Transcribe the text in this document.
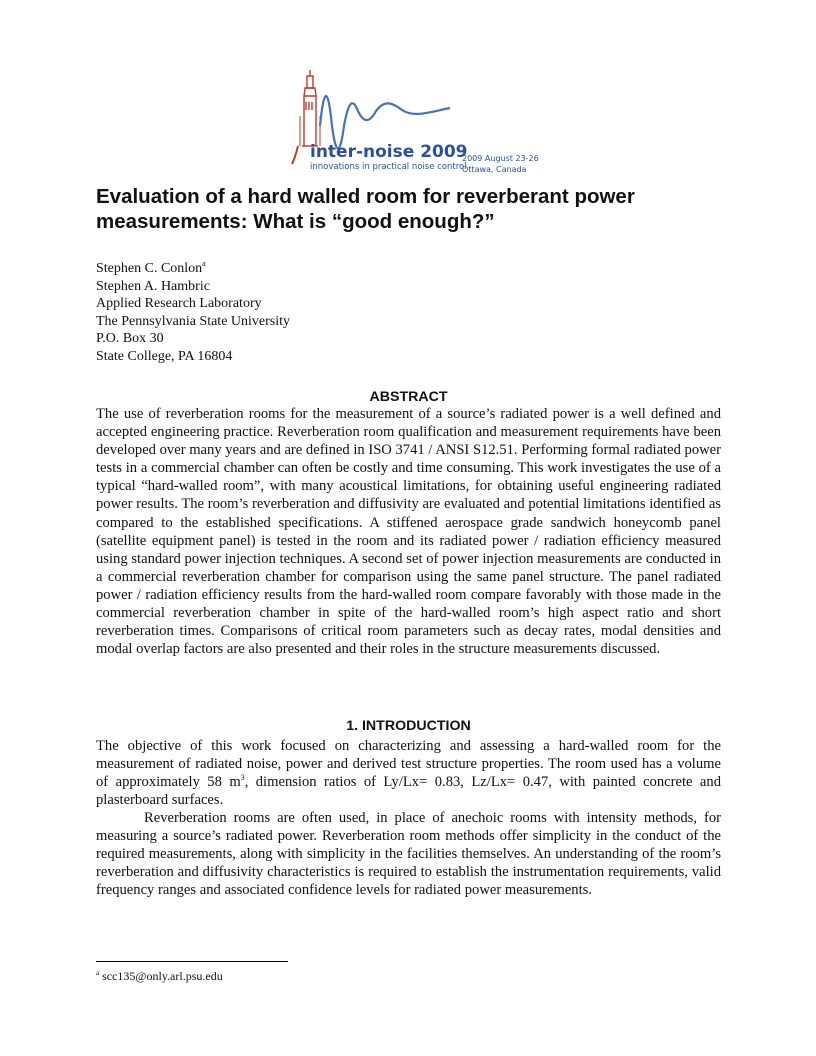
inter-noise 2009
innovations in practical noise control
2009 August 23-26
Ottawa, Canada
Evaluation of a hard walled room for reverberant power
measurements: What is “good enough?”
Stephen C. Conlon$^a$
Stephen A. Hambric
Applied Research Laboratory
The Pennsylvania State University
P.O. Box 30
State College, PA 16804
ABSTRACT

The use of reverberation rooms for the measurement of a source’s radiated power is a well defined and accepted engineering practice. Reverberation room qualification and measurement requirements have been developed over many years and are defined in ISO 3741 / ANSI S12.51. Performing formal radiated power tests in a commercial chamber can often be costly and time consuming. This work investigates the use of a typical “hard-walled room”, with many acoustical limitations, for obtaining useful engineering radiated power results. The room’s reverberation and diffusivity are evaluated and potential limitations identified as compared to the established specifications. A stiffened aerospace grade sandwich honeycomb panel (satellite equipment panel) is tested in the room and its radiated power / radiation efficiency measured using standard power injection techniques. A second set of power injection measurements are conducted in a commercial reverberation chamber for comparison using the same panel structure. The panel radiated power / radiation efficiency results from the hard-walled room compare favorably with those made in the commercial reverberation chamber in spite of the hard-walled room’s high aspect ratio and short reverberation times. Comparisons of critical room parameters such as decay rates, modal densities and modal overlap factors are also presented and their roles in the structure measurements discussed.

1. INTRODUCTION

The objective of this work focused on characterizing and assessing a hard-walled room for the measurement of radiated noise, power and derived test structure properties. The room used has a volume of approximately 58 $m^3$, dimension ratios of Ly/Lx= 0.83, Lz/Lx= 0.47, with painted concrete and plasterboard surfaces.

Reverberation rooms are often used, in place of anechoic rooms with intensity methods, for measuring a source’s radiated power. Reverberation room methods offer simplicity in the conduct of the required measurements, along with simplicity in the facilities themselves. An understanding of the room’s reverberation and diffusivity characteristics is required to establish the instrumentation requirements, valid frequency ranges and associated confidence levels for radiated power measurements.

$^a$ scc135@only.arl.psu.edu
